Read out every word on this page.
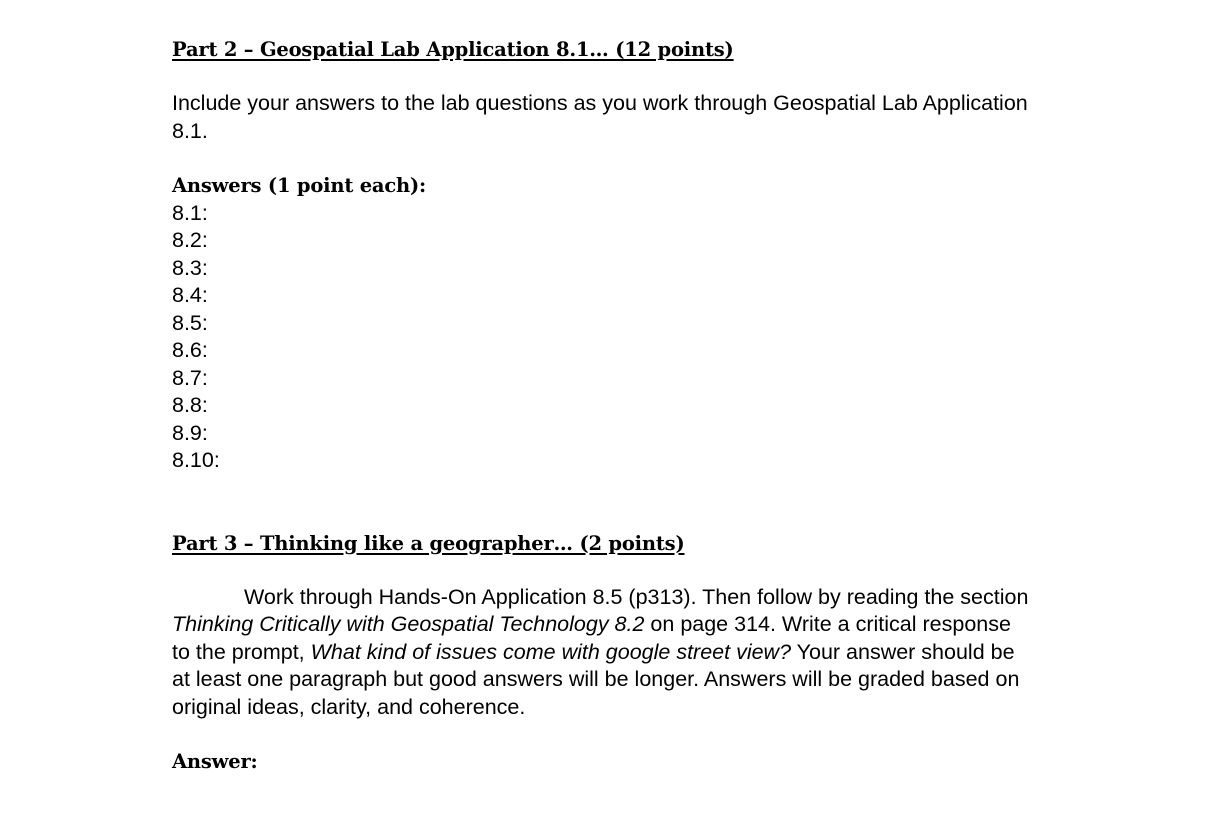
Part 2 – Geospatial Lab Application 8.1… (12 points)

Include your answers to the lab questions as you work through Geospatial Lab Application 8.1.

Answers (1 point each):

8.1:
8.2:
8.3:
8.4:
8.5:
8.6:
8.7:
8.8:
8.9:
8.10:

Part 3 – Thinking like a geographer… (2 points)

Work through Hands-On Application 8.5 (p313). Then follow by reading the section Thinking Critically with Geospatial Technology 8.2 on page 314. Write a critical response to the prompt, What kind of issues come with google street view? Your answer should be at least one paragraph but good answers will be longer. Answers will be graded based on original ideas, clarity, and coherence.

Answer:
